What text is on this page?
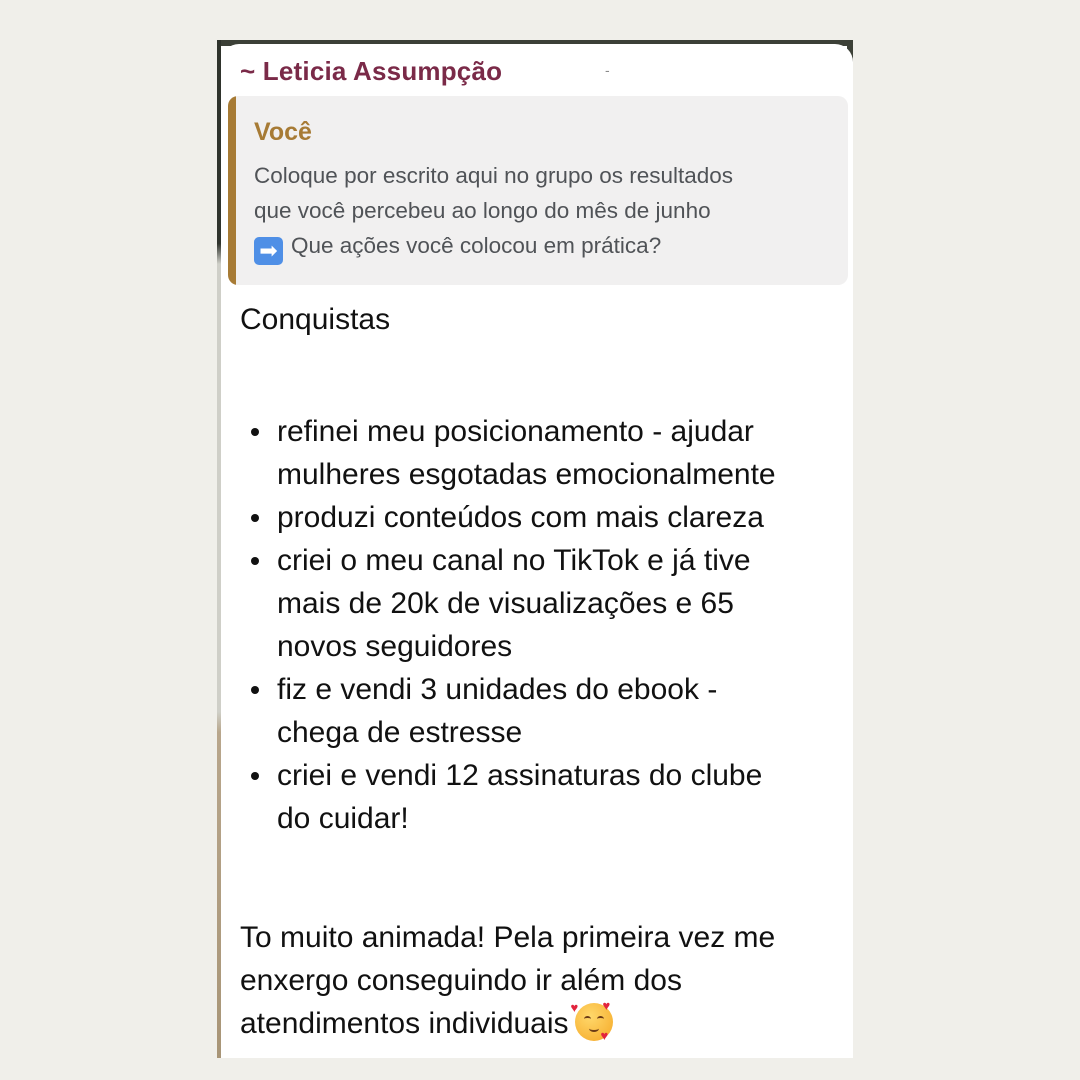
~ Leticia Assumpção	-
Você
Coloque por escrito aqui no grupo os resultados
que você percebeu ao longo do mês de junho
➡ Que ações você colocou em prática?
Conquistas
refinei meu posicionamento - ajudar
mulheres esgotadas emocionalmente
produzi conteúdos com mais clareza
criei o meu canal no TikTok e já tive
mais de 20k de visualizações e 65
novos seguidores
fiz e vendi 3 unidades do ebook -
chega de estresse
criei e vendi 12 assinaturas do clube
do cuidar!
To muito animada! Pela primeira vez me
enxergo conseguindo ir além dos
atendimentos individuais ♥ ♥
♥
